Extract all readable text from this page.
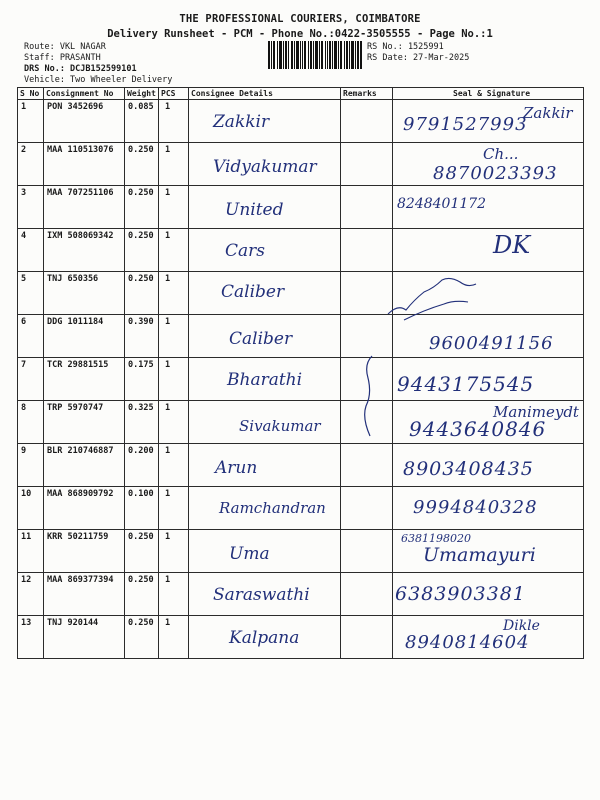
THE PROFESSIONAL COURIERS, COIMBATORE
Delivery Runsheet - PCM - Phone No.:0422-3505555 - Page No.:1
Route: VKL NAGAR
Staff: PRASANTH
DRS No.: DCJB152599101
Vehicle: Two Wheeler Delivery
RS No.: 1525991
RS Date: 27-Mar-2025
S No	Consignment No	Weight	PCS	Consignee Details	Remarks	Seal & Signature
1	PON 3452696	0.085	1	Zakkir		9791527993
Zakkir

2	MAA 110513076	0.250	1	Vidyakumar		8870023393
Ch...

3	MAA 707251106	0.250	1	United		8248401172

4	IXM 508069342	0.250	1	Cars		DK

5	TNJ 650356	0.250	1	Caliber		

6	DDG 1011184	0.390	1	Caliber		9600491156

7	TCR 29881515	0.175	1	Bharathi		9443175545

8	TRP 5970747	0.325	1	Sivakumar		9443640846
Manimeydt

9	BLR 210746887	0.200	1	Arun		8903408435

10	MAA 868909792	0.100	1	Ramchandran		9994840328

11	KRR 50211759	0.250	1	Uma		6381198020
Umamayuri

12	MAA 869377394	0.250	1	Saraswathi		6383903381

13	TNJ 920144	0.250	1	Kalpana		8940814604
Dikle
